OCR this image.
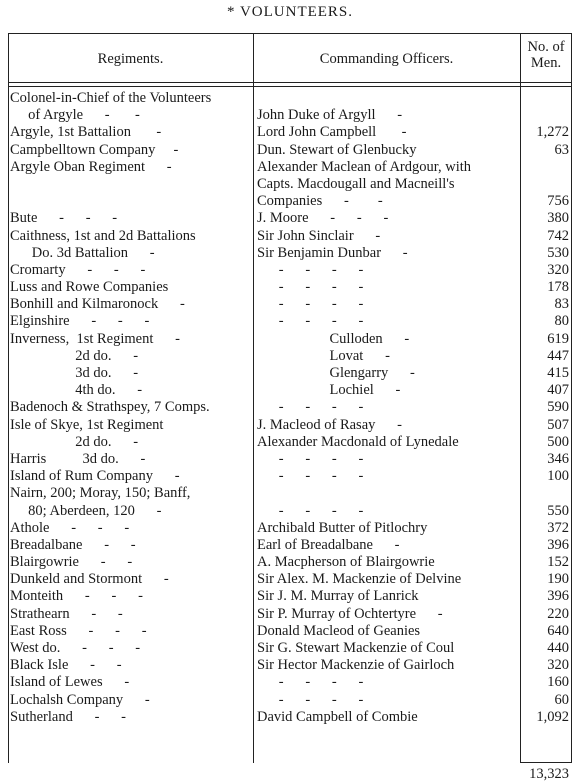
* VOLUNTEERS.
Regiments.	Commanding Officers.
No. of
Men.
Colonel-in-Chief of the Volunteers
of Argyle      -       -	John Duke of Argyll      -
Argyle, 1st Battalion       -	Lord John Campbell       -	1,272
Campbelltown Company     -	Dun. Stewart of Glenbucky	63
Argyle Oban Regiment      -	Alexander Maclean of Ardgour, with
Capts. Macdougall and Macneill's
Companies      -        -	756
Bute      -      -      -	J. Moore      -      -      -	380
Caithness, 1st and 2d Battalions	Sir John Sinclair      -	742
Do. 3d Battalion      -	Sir Benjamin Dunbar      -	530
Cromarty      -      -      -	-      -      -      -	320
Luss and Rowe Companies	-      -      -      -	178
Bonhill and Kilmaronock      -	-      -      -      -	83
Elginshire      -      -      -	-      -      -      -	80
Inverness,  1st Regiment      -	Culloden      -	619
2d do.      -	Lovat      -	447
3d do.      -	Glengarry      -	415
4th do.      -	Lochiel      -	407
Badenoch & Strathspey, 7 Comps.	-      -      -      -	590
Isle of Skye, 1st Regiment	J. Macleod of Rasay      -	507
2d do.      -	Alexander Macdonald of Lynedale	500
Harris          3d do.      -	-      -      -      -	346
Island of Rum Company      -	-      -      -      -	100
Nairn, 200; Moray, 150; Banff,
80; Aberdeen, 120      -	-      -      -      -	550
Athole      -      -      -	Archibald Butter of Pitlochry	372
Breadalbane      -      -	Earl of Breadalbane      -	396
Blairgowrie      -      -	A. Macpherson of Blairgowrie	152
Dunkeld and Stormont      -	Sir Alex. M. Mackenzie of Delvine	190
Monteith      -      -      -	Sir J. M. Murray of Lanrick	396
Strathearn      -      -	Sir P. Murray of Ochtertyre      -	220
East Ross      -      -      -	Donald Macleod of Geanies	640
West do.      -      -      -	Sir G. Stewart Mackenzie of Coul	440
Black Isle      -      -	Sir Hector Mackenzie of Gairloch	320
Island of Lewes      -	-      -      -      -	160
Lochalsh Company      -	-      -      -      -	60
Sutherland      -      -	David Campbell of Combie	1,092
13,323
